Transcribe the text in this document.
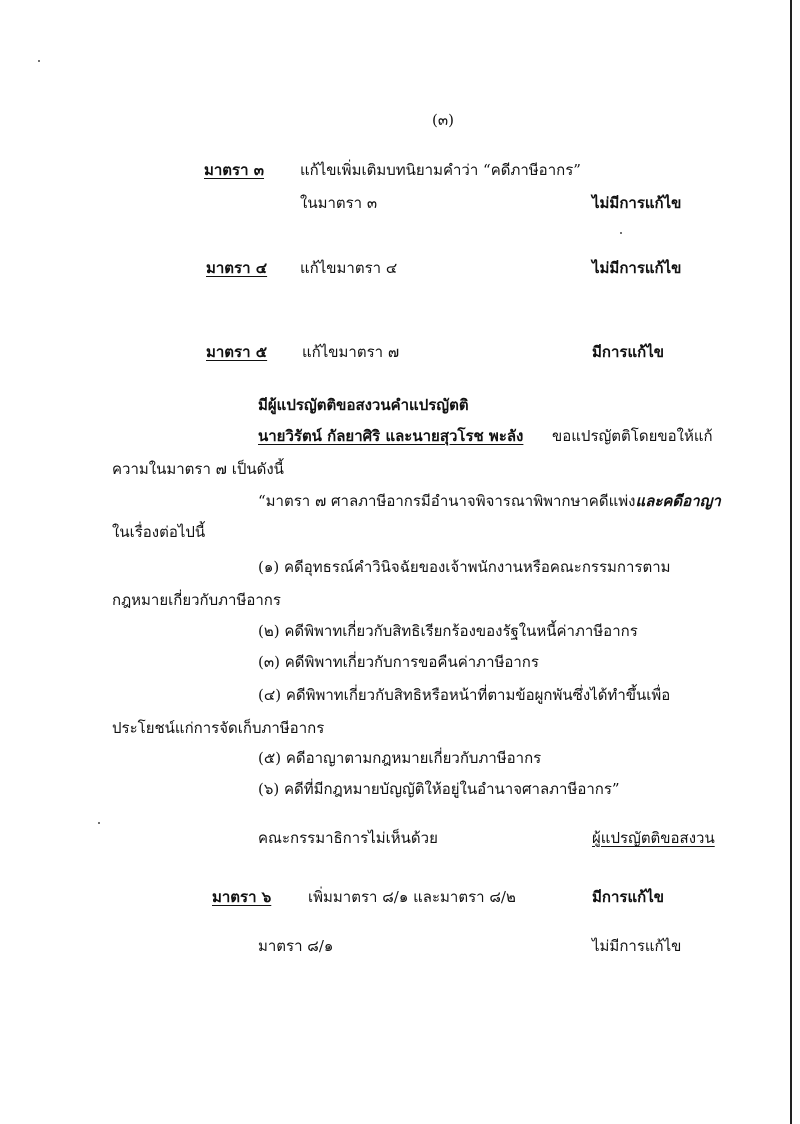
(๓)
มาตรา ๓ แก้ไขเพิ่มเติมบทนิยามคำว่า “คดีภาษีอากร”
ในมาตรา ๓	ไม่มีการแก้ไข
มาตรา ๔ แก้ไขมาตรา ๔	ไม่มีการแก้ไข
มาตรา ๕ แก้ไขมาตรา ๗	มีการแก้ไข
มีผู้แปรญัตติขอสงวนคำแปรญัตติ
นายวิรัตน์ กัลยาศิริ และนายสุวโรช พะลัง ขอแปรญัตติโดยขอให้แก้
ความในมาตรา ๗ เป็นดังนี้
“มาตรา ๗ ศาลภาษีอากรมีอำนาจพิจารณาพิพากษาคดีแพ่งและคดีอาญา
ในเรื่องต่อไปนี้
(๑) คดีอุทธรณ์คำวินิจฉัยของเจ้าพนักงานหรือคณะกรรมการตาม
กฎหมายเกี่ยวกับภาษีอากร
(๒) คดีพิพาทเกี่ยวกับสิทธิเรียกร้องของรัฐในหนี้ค่าภาษีอากร
(๓) คดีพิพาทเกี่ยวกับการขอคืนค่าภาษีอากร
(๔) คดีพิพาทเกี่ยวกับสิทธิหรือหน้าที่ตามข้อผูกพันซึ่งได้ทำขึ้นเพื่อ
ประโยชน์แก่การจัดเก็บภาษีอากร
(๕) คดีอาญาตามกฎหมายเกี่ยวกับภาษีอากร
(๖) คดีที่มีกฎหมายบัญญัติให้อยู่ในอำนาจศาลภาษีอากร”
คณะกรรมาธิการไม่เห็นด้วย	ผู้แปรญัตติขอสงวน
มาตรา ๖ เพิ่มมาตรา ๘/๑ และมาตรา ๘/๒	มีการแก้ไข
มาตรา ๘/๑	ไม่มีการแก้ไข
